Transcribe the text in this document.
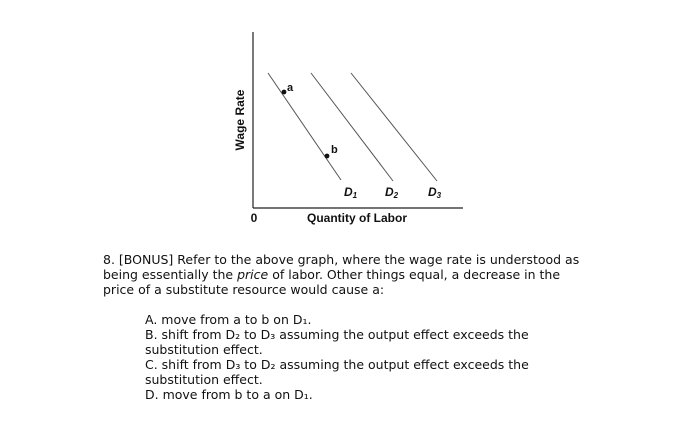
Wage Rate
Quantity of Labor
0
a
b
D1 D2 D3

8. [BONUS] Refer to the above graph, where the wage rate is understood as being essentially the price of labor. Other things equal, a decrease in the price of a substitute resource would cause a:

A. move from a to b on D₁.
B. shift from D₂ to D₃ assuming the output effect exceeds the substitution effect.
C. shift from D₃ to D₂ assuming the output effect exceeds the substitution effect.
D. move from b to a on D₁.
